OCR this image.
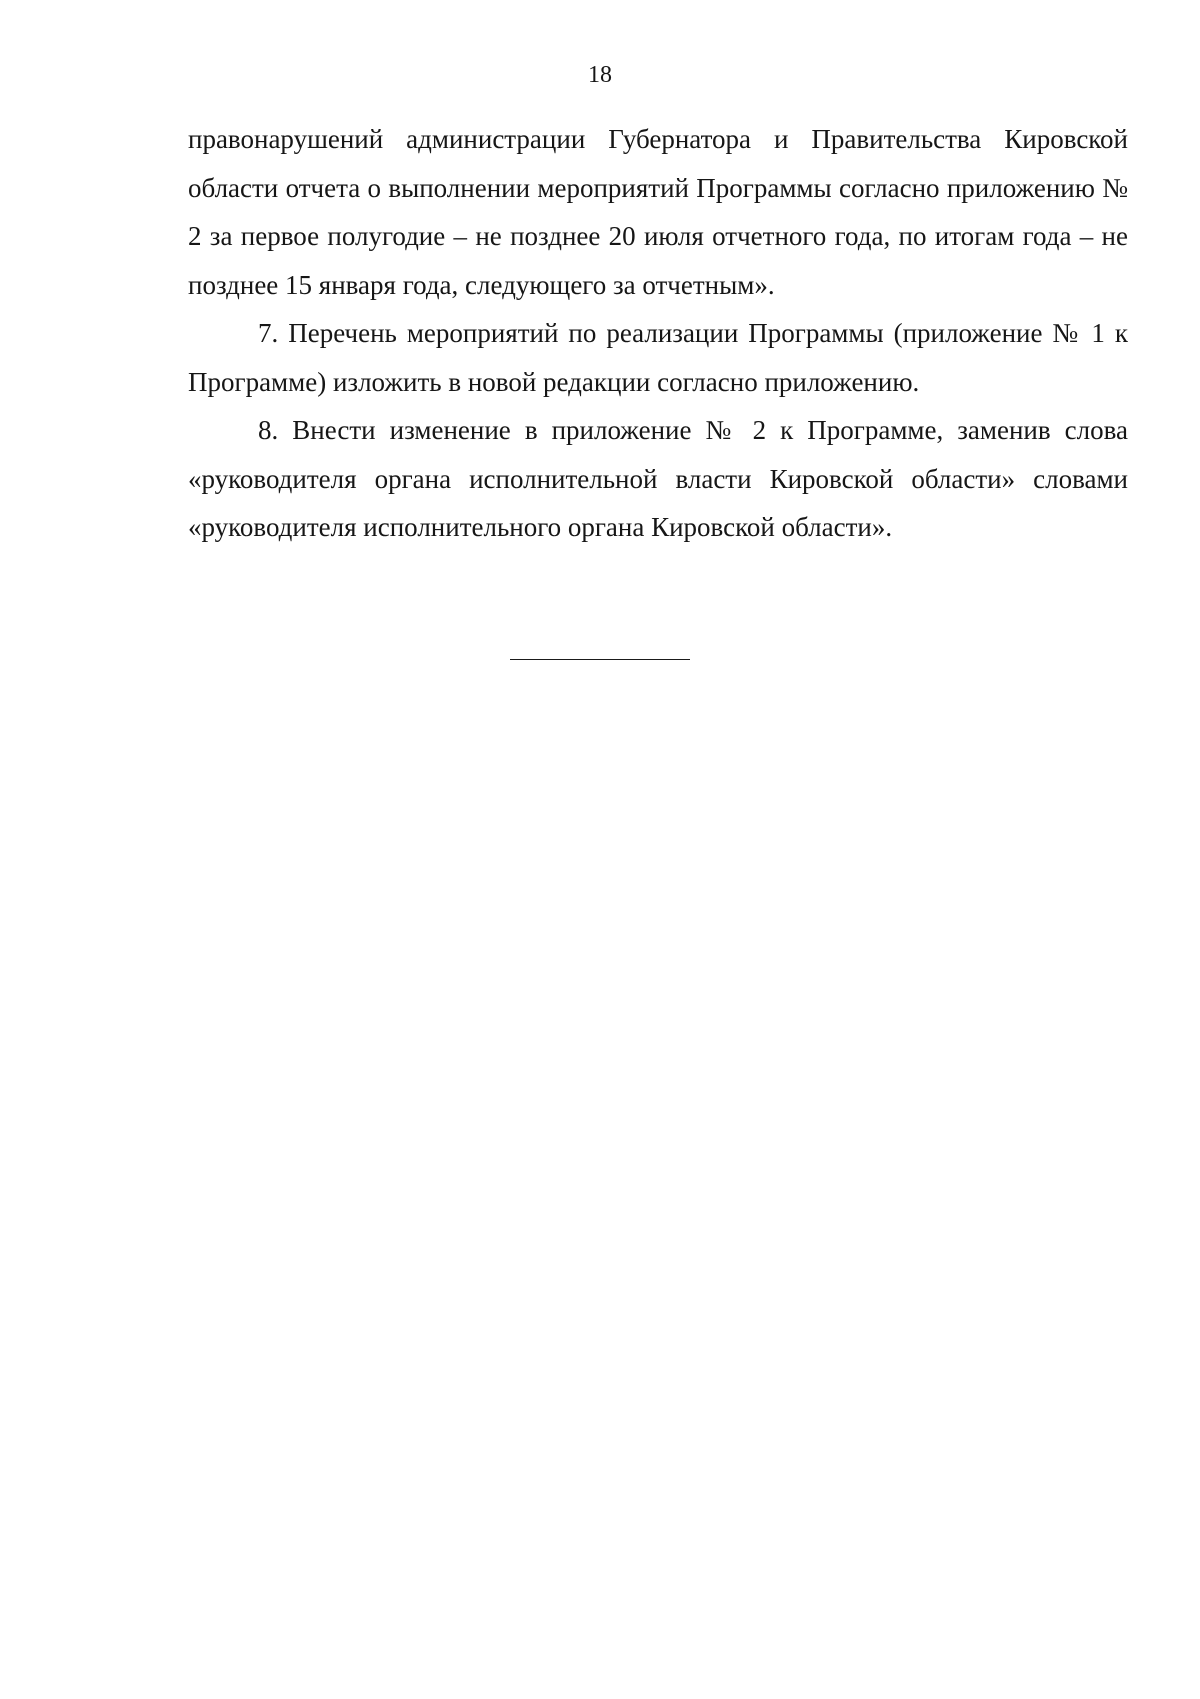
18

правонарушений администрации Губернатора и Правительства Кировской области отчета о выполнении мероприятий Программы согласно приложению № 2 за первое полугодие – не позднее 20 июля отчетного года, по итогам года – не позднее 15 января года, следующего за отчетным».

7. Перечень мероприятий по реализации Программы (приложение № 1 к Программе) изложить в новой редакции согласно приложению.

8. Внести изменение в приложение № 2 к Программе, заменив слова «руководителя органа исполнительной власти Кировской области» словами «руководителя исполнительного органа Кировской области».
